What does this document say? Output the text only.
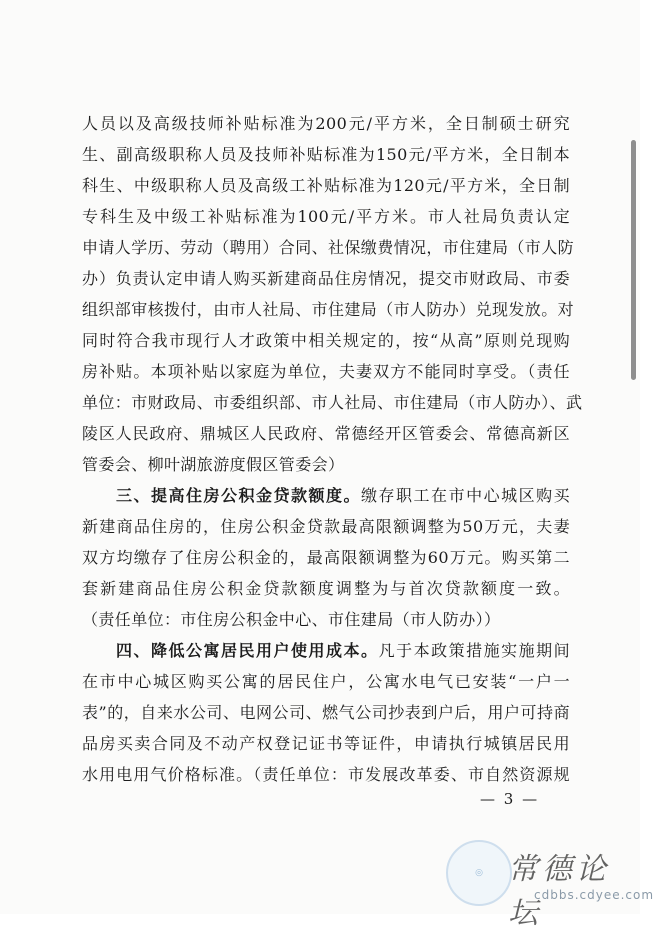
人员以及高级技师补贴标准为200元/平方米，全日制硕士研究
生、副高级职称人员及技师补贴标准为150元/平方米，全日制本
科生、中级职称人员及高级工补贴标准为120元/平方米，全日制
专科生及中级工补贴标准为100元/平方米。市人社局负责认定
申请人学历、劳动（聘用）合同、社保缴费情况，市住建局（市人防
办）负责认定申请人购买新建商品住房情况，提交市财政局、市委
组织部审核拨付，由市人社局、市住建局（市人防办）兑现发放。对
同时符合我市现行人才政策中相关规定的，按“从高”原则兑现购
房补贴。本项补贴以家庭为单位，夫妻双方不能同时享受。（责任
单位：市财政局、市委组织部、市人社局、市住建局（市人防办）、武
陵区人民政府、鼎城区人民政府、常德经开区管委会、常德高新区
管委会、柳叶湖旅游度假区管委会）
三、提高住房公积金贷款额度。缴存职工在市中心城区购买
新建商品住房的，住房公积金贷款最高限额调整为50万元，夫妻
双方均缴存了住房公积金的，最高限额调整为60万元。购买第二
套新建商品住房公积金贷款额度调整为与首次贷款额度一致。
（责任单位：市住房公积金中心、市住建局（市人防办））
四、降低公寓居民用户使用成本。凡于本政策措施实施期间
在市中心城区购买公寓的居民住户，公寓水电气已安装“一户一
表”的，自来水公司、电网公司、燃气公司抄表到户后，用户可持商
品房买卖合同及不动产权登记证书等证件，申请执行城镇居民用
水用电用气价格标准。（责任单位：市发展改革委、市自然资源规
— 3 —
◎ 常德论坛
cdbbs.cdyee.com
